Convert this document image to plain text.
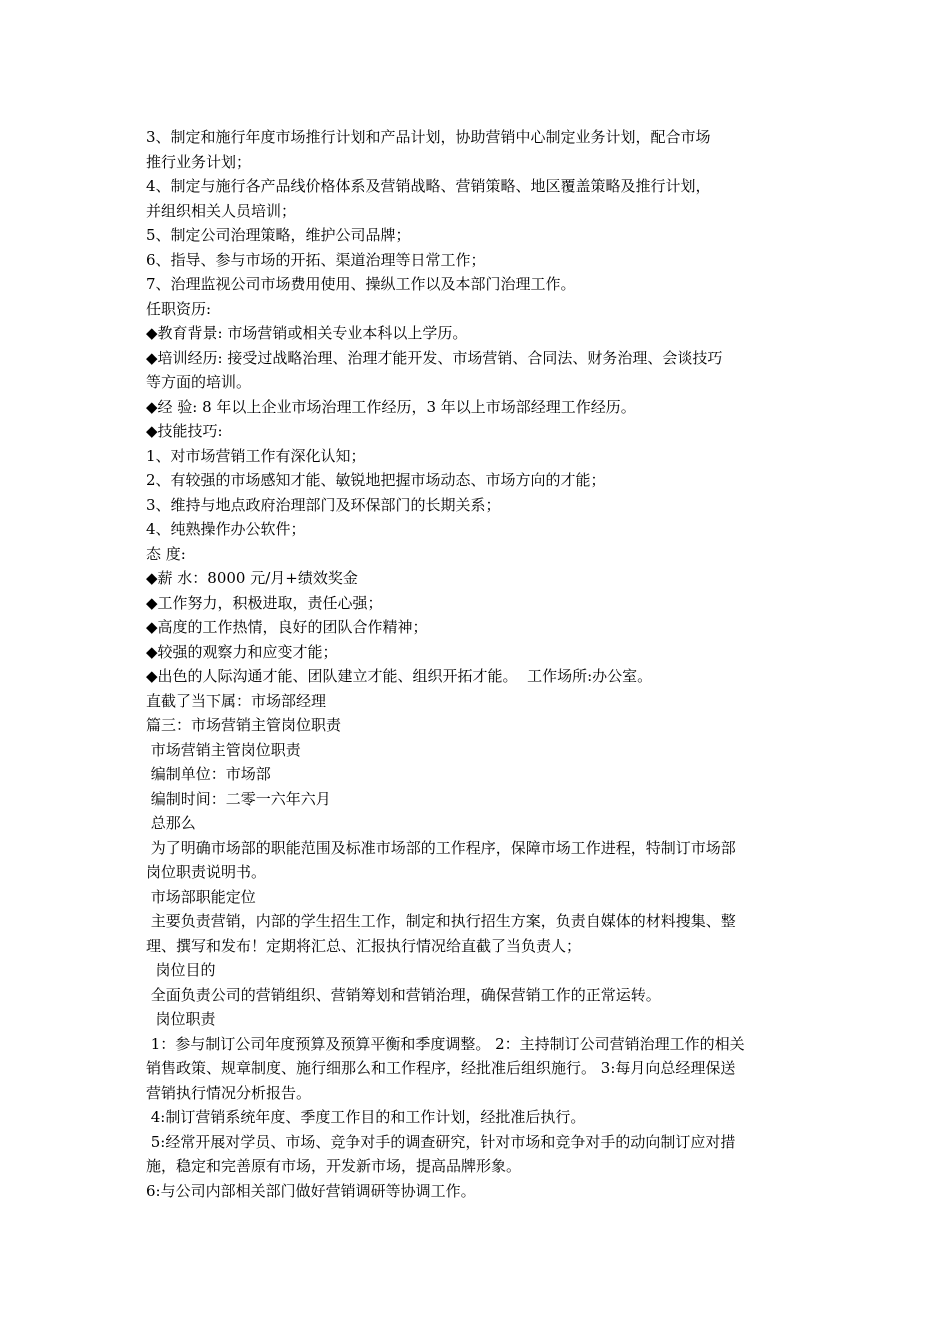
3、制定和施行年度市场推行计划和产品计划，协助营销中心制定业务计划，配合市场
推行业务计划；
4、制定与施行各产品线价格体系及营销战略、营销策略、地区覆盖策略及推行计划，
并组织相关人员培训；
5、制定公司治理策略，维护公司品牌；
6、指导、参与市场的开拓、渠道治理等日常工作；
7、治理监视公司市场费用使用、操纵工作以及本部门治理工作。
任职资历:
◆教育背景: 市场营销或相关专业本科以上学历。
◆培训经历: 接受过战略治理、治理才能开发、市场营销、合同法、财务治理、会谈技巧
等方面的培训。
◆经 验: 8 年以上企业市场治理工作经历，3 年以上市场部经理工作经历。
◆技能技巧:
1、对市场营销工作有深化认知；
2、有较强的市场感知才能、敏锐地把握市场动态、市场方向的才能；
3、维持与地点政府治理部门及环保部门的长期关系；
4、纯熟操作办公软件；
态 度:
◆薪 水：8000 元/月+绩效奖金
◆工作努力，积极进取，责任心强；
◆高度的工作热情，良好的团队合作精神；
◆较强的观察力和应变才能；
◆出色的人际沟通才能、团队建立才能、组织开拓才能。  工作场所:办公室。
直截了当下属：市场部经理
篇三：市场营销主管岗位职责
市场营销主管岗位职责
编制单位：市场部
编制时间：二零一六年六月
总那么
为了明确市场部的职能范围及标准市场部的工作程序，保障市场工作进程，特制订市场部
岗位职责说明书。
市场部职能定位
主要负责营销，内部的学生招生工作，制定和执行招生方案，负责自媒体的材料搜集、整
理、撰写和发布！定期将汇总、汇报执行情况给直截了当负责人；
岗位目的
全面负责公司的营销组织、营销筹划和营销治理，确保营销工作的正常运转。
岗位职责
1：参与制订公司年度预算及预算平衡和季度调整。 2：主持制订公司营销治理工作的相关
销售政策、规章制度、施行细那么和工作程序，经批准后组织施行。 3:每月向总经理保送
营销执行情况分析报告。
4:制订营销系统年度、季度工作目的和工作计划，经批准后执行。
5:经常开展对学员、市场、竞争对手的调查研究，针对市场和竞争对手的动向制订应对措
施，稳定和完善原有市场，开发新市场，提高品牌形象。
6:与公司内部相关部门做好营销调研等协调工作。
